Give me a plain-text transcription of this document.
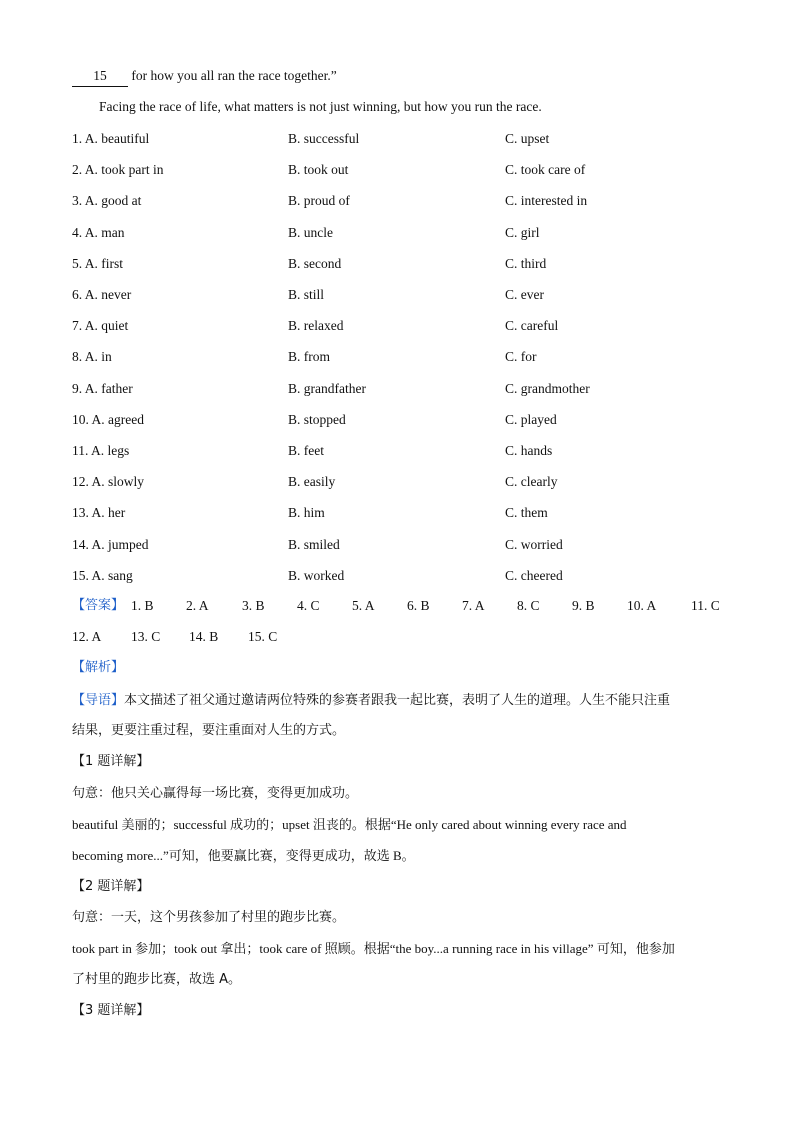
15 for how you all ran the race together.”
Facing the race of life, what matters is not just winning, but how you run the race.
1. A. beautiful	B. successful	C. upset
2. A. took part in	B. took out	C. took care of
3. A. good at	B. proud of	C. interested in
4. A. man	B. uncle	C. girl
5. A. first	B. second	C. third
6. A. never	B. still	C. ever
7. A. quiet	B. relaxed	C. careful
8. A. in	B. from	C. for
9. A. father	B. grandfather	C. grandmother
10. A. agreed	B. stopped	C. played
11. A. legs	B. feet	C. hands
12. A. slowly	B. easily	C. clearly
13. A. her	B. him	C. them
14. A. jumped	B. smiled	C. worried
15. A. sang	B. worked	C. cheered
【答案】 1. B 2. A 3. B 4. C 5. A 6. B 7. A 8. C 9. B 10. A	11. C
12. A 13. C 14. B 15. C
【解析】
【导语】本文描述了祖父通过邀请两位特殊的参赛者跟我一起比赛，表明了人生的道理。人生不能只注重
结果，更要注重过程，要注重面对人生的方式。
【1 题详解】
句意：他只关心赢得每一场比赛，变得更加成功。
beautiful 美丽的；successful 成功的；upset 沮丧的。根据“He only cared about winning every race and
becoming more...”可知，他要赢比赛，变得更成功，故选 B。
【2 题详解】
句意：一天，这个男孩参加了村里的跑步比赛。
took part in 参加；took out 拿出；took care of 照顾。根据“the boy...a running race in his village” 可知，他参加
了村里的跑步比赛，故选 A。
【3 题详解】
